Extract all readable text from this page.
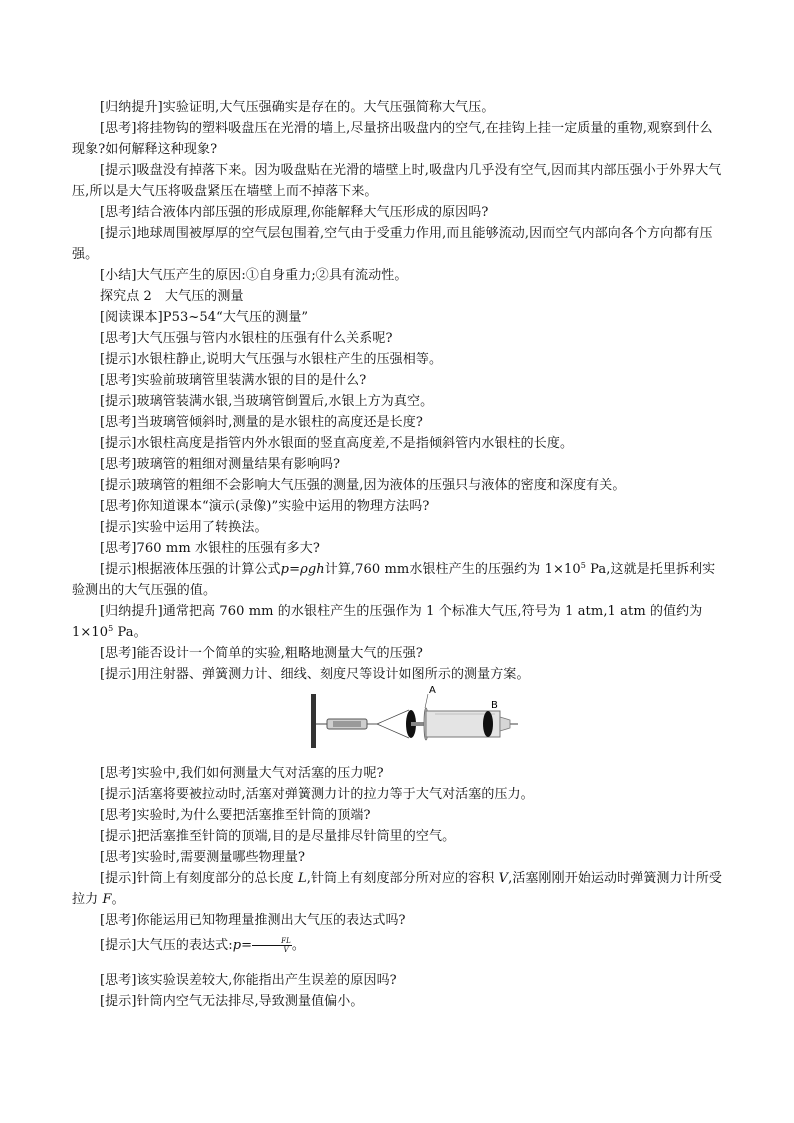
[归纳提升]实验证明,大气压强确实是存在的。大气压强简称大气压。

[思考]将挂物钩的塑料吸盘压在光滑的墙上,尽量挤出吸盘内的空气,在挂钩上挂一定质量的重物,观察到什么现象?如何解释这种现象?

[提示]吸盘没有掉落下来。因为吸盘贴在光滑的墙壁上时,吸盘内几乎没有空气,因而其内部压强小于外界大气压,所以是大气压将吸盘紧压在墙壁上而不掉落下来。

[思考]结合液体内部压强的形成原理,你能解释大气压形成的原因吗?

[提示]地球周围被厚厚的空气层包围着,空气由于受重力作用,而且能够流动,因而空气内部向各个方向都有压强。

[小结]大气压产生的原因:①自身重力;②具有流动性。

探究点 2　大气压的测量

[阅读课本]P53~54“大气压的测量”

[思考]大气压强与管内水银柱的压强有什么关系呢?

[提示]水银柱静止,说明大气压强与水银柱产生的压强相等。

[思考]实验前玻璃管里装满水银的目的是什么?

[提示]玻璃管装满水银,当玻璃管倒置后,水银上方为真空。

[思考]当玻璃管倾斜时,测量的是水银柱的高度还是长度?

[提示]水银柱高度是指管内外水银面的竖直高度差,不是指倾斜管内水银柱的长度。

[思考]玻璃管的粗细对测量结果有影响吗?

[提示]玻璃管的粗细不会影响大气压强的测量,因为液体的压强只与液体的密度和深度有关。

[思考]你知道课本“演示(录像)”实验中运用的物理方法吗?

[提示]实验中运用了转换法。

[思考]760 mm 水银柱的压强有多大?

[提示]根据液体压强的计算公式p=ρgh计算,760 mm水银柱产生的压强约为 $1\times 10^5$ Pa,这就是托里拆利实验测出的大气压强的值。

[归纳提升]通常把高 760 mm 的水银柱产生的压强作为 1 个标准大气压,符号为 1 atm,1 atm 的值约为 $1\times 10^5$ Pa。

[思考]能否设计一个简单的实验,粗略地测量大气的压强?

[提示]用注射器、弹簧测力计、细线、刻度尺等设计如图所示的测量方案。

A
B

[思考]实验中,我们如何测量大气对活塞的压力呢?

[提示]活塞将要被拉动时,活塞对弹簧测力计的拉力等于大气对活塞的压力。

[思考]实验时,为什么要把活塞推至针筒的顶端?

[提示]把活塞推至针筒的顶端,目的是尽量排尽针筒里的空气。

[思考]实验时,需要测量哪些物理量?

[提示]针筒上有刻度部分的总长度 L,针筒上有刻度部分所对应的容积 V,活塞刚刚开始运动时弹簧测力计所受拉力 F。

[思考]你能运用已知物理量推测出大气压的表达式吗?

[提示]大气压的表达式:p= $\frac{FL}{V}$ 。

[思考]该实验误差较大,你能指出产生误差的原因吗?

[提示]针筒内空气无法排尽,导致测量值偏小。
